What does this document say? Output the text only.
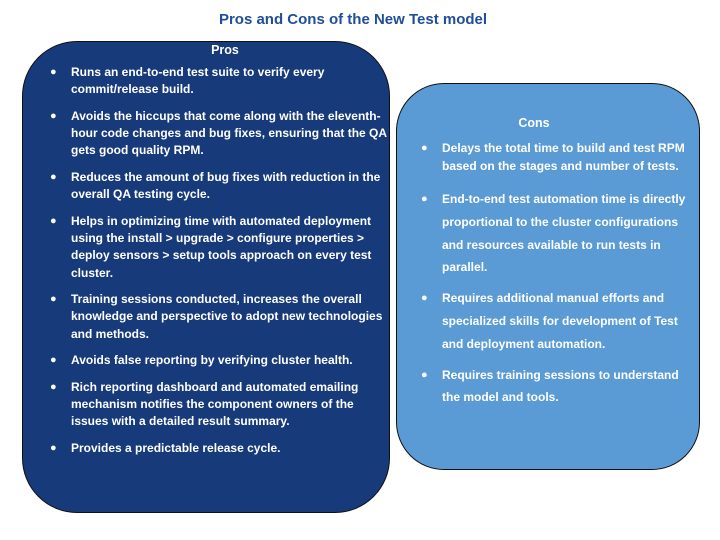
Pros and Cons of the New Test model
Pros
● Runs an end-to-end test suite to verify every commit/release build.
● Avoids the hiccups that come along with the eleventh-hour code changes and bug fixes, ensuring that the QA gets good quality RPM.
● Reduces the amount of bug fixes with reduction in the overall QA testing cycle.
● Helps in optimizing time with automated deployment using the install > upgrade > configure properties > deploy sensors > setup tools approach on every test cluster.
● Training sessions conducted, increases the overall knowledge and perspective to adopt new technologies and methods.
● Avoids false reporting by verifying cluster health.
● Rich reporting dashboard and automated emailing mechanism notifies the component owners of the issues with a detailed result summary.
● Provides a predictable release cycle.
Cons
● Delays the total time to build and test RPM based on the stages and number of tests.
● End-to-end test automation time is directly proportional to the cluster configurations and resources available to run tests in parallel.
● Requires additional manual efforts and specialized skills for development of Test and deployment automation.
● Requires training sessions to understand the model and tools.
